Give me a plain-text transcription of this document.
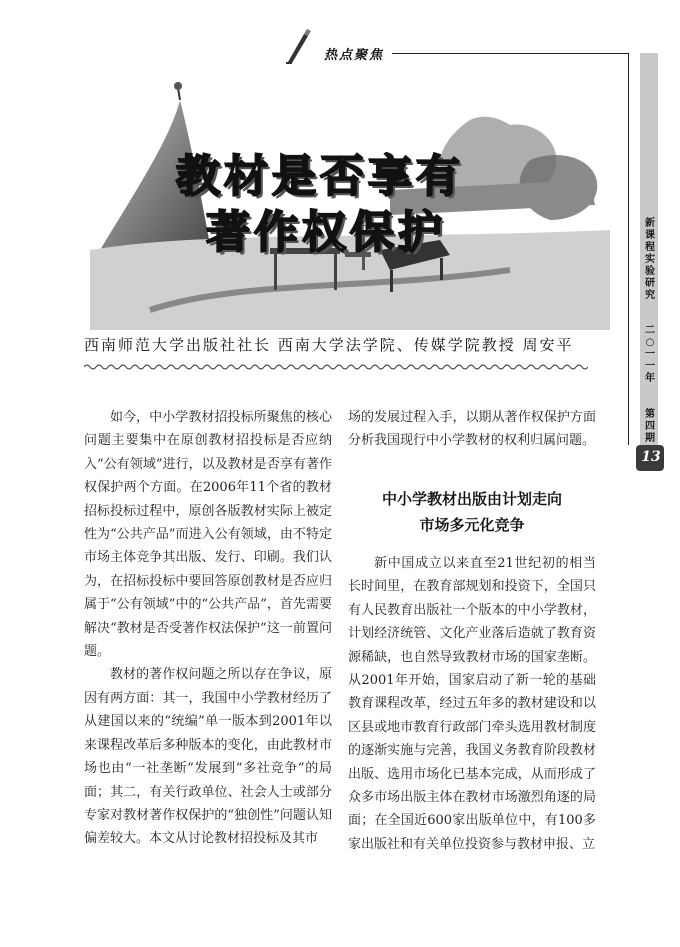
热点聚焦
新
课
程
实
验
研
究
二
○
一
一
年

第
四
期
13
教材是否享有
著作权保护
西南师范大学出版社社长 西南大学法学院、传媒学院教授 周安平

如今，中小学教材招投标所聚焦的核心问题主要集中在原创教材招投标是否应纳入“公有领域”进行，以及教材是否享有著作权保护两个方面。在2006年11个省的教材招标投标过程中，原创各版教材实际上被定性为“公共产品”而进入公有领域，由不特定市场主体竞争其出版、发行、印刷。我们认为，在招标投标中要回答原创教材是否应归属于“公有领域”中的“公共产品”，首先需要解决“教材是否受著作权法保护”这一前置问题。

教材的著作权问题之所以存在争议，原因有两方面：其一，我国中小学教材经历了从建国以来的“统编”单一版本到2001年以来课程改革后多种版本的变化，由此教材市场也由“一社垄断”发展到“多社竞争”的局面；其二，有关行政单位、社会人士或部分专家对教材著作权保护的“独创性”问题认知偏差较大。本文从讨论教材招投标及其市

场的发展过程入手，以期从著作权保护方面分析我国现行中小学教材的权利归属问题。

中小学教材出版由计划走向
市场多元化竞争

新中国成立以来直至21世纪初的相当长时间里，在教育部规划和投资下，全国只有人民教育出版社一个版本的中小学教材，计划经济统管、文化产业落后造就了教育资源稀缺，也自然导致教材市场的国家垄断。从2001年开始，国家启动了新一轮的基础教育课程改革，经过五年多的教材建设和以区县或地市教育行政部门牵头选用教材制度的逐渐实施与完善，我国义务教育阶段教材出版、选用市场化已基本完成，从而形成了众多市场出版主体在教材市场激烈角逐的局面；在全国近600家出版单位中，有100多家出版社和有关单位投资参与教材申报、立
